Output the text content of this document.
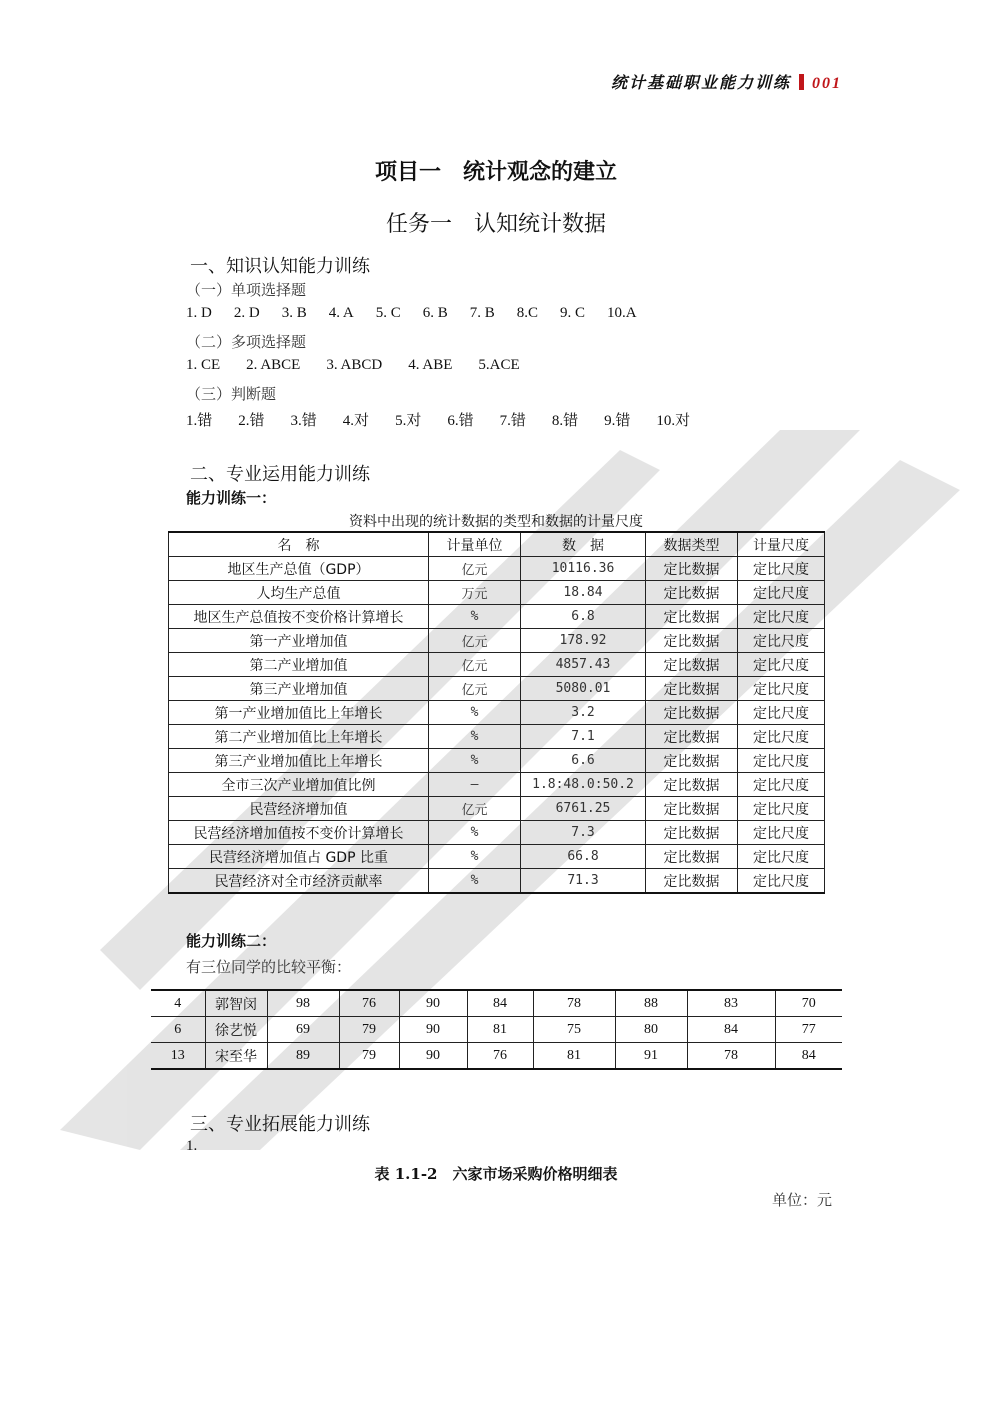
统计基础职业能力训练 001
项目一　统计观念的建立
任务一　认知统计数据
一、知识认知能力训练
（一）单项选择题
1. D 2. D 3. B 4. A 5. C 6. B 7. B 8.C 9. C 10.A
（二）多项选择题
1. CE 2. ABCE 3. ABCD 4. ABE 5.ACE
（三）判断题
1.错 2.错 3.错 4.对 5.对 6.错 7.错 8.错 9.错 10.对
二、专业运用能力训练
能力训练一：
资料中出现的统计数据的类型和数据的计量尺度
名　称	计量单位	数　据	数据类型	计量尺度
地区生产总值（GDP）	亿元	10116.36	定比数据	定比尺度
人均生产总值	万元	18.84	定比数据	定比尺度
地区生产总值按不变价格计算增长	%	6.8	定比数据	定比尺度
第一产业增加值	亿元	178.92	定比数据	定比尺度
第二产业增加值	亿元	4857.43	定比数据	定比尺度
第三产业增加值	亿元	5080.01	定比数据	定比尺度
第一产业增加值比上年增长	%	3.2	定比数据	定比尺度
第二产业增加值比上年增长	%	7.1	定比数据	定比尺度
第三产业增加值比上年增长	%	6.6	定比数据	定比尺度
全市三次产业增加值比例	—	1.8:48.0:50.2	定比数据	定比尺度
民营经济增加值	亿元	6761.25	定比数据	定比尺度
民营经济增加值按不变价计算增长	%	7.3	定比数据	定比尺度
民营经济增加值占 GDP 比重	%	66.8	定比数据	定比尺度
民营经济对全市经济贡献率	%	71.3	定比数据	定比尺度
能力训练二：
有三位同学的比较平衡：
4	郭智闵	98	76	90	84	78	88	83	70
6	徐艺悦	69	79	90	81	75	80	84	77
13	宋至华	89	79	90	76	81	91	78	84
三、专业拓展能力训练
1.
表 1.1-2　六家市场采购价格明细表
单位：元
